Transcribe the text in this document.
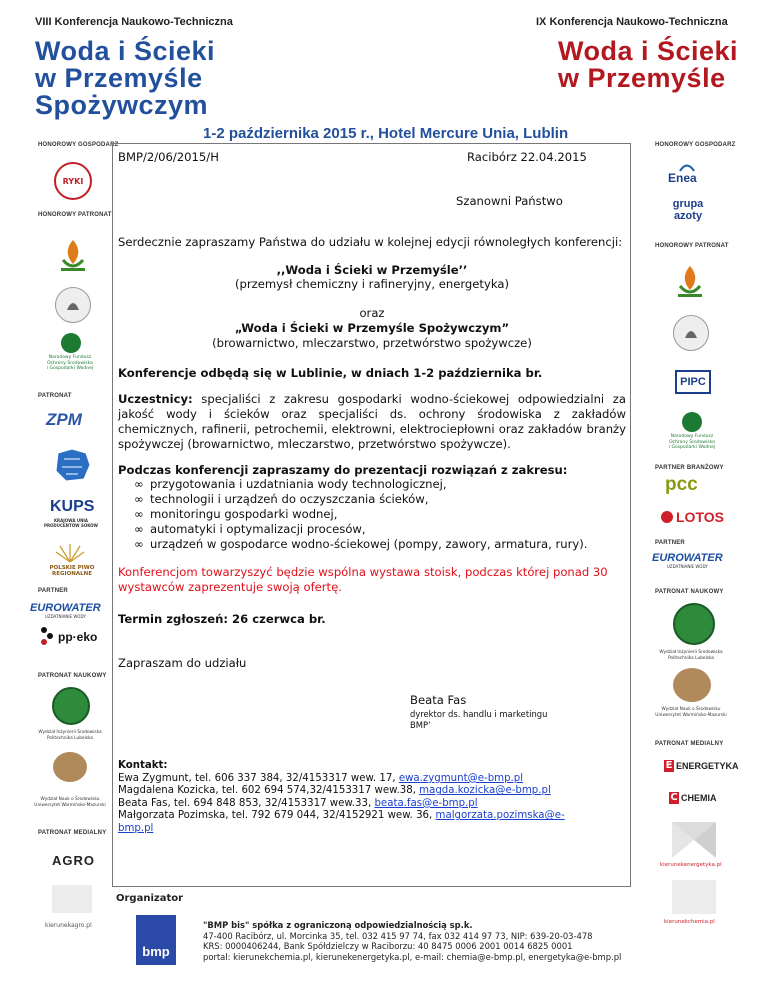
VIII Konferencja Naukowo-Techniczna
Woda i Ścieki
w Przemyśle
Spożywczym
IX Konferencja Naukowo-Techniczna
Woda i Ścieki
w Przemyśle
1-2 października 2015 r., Hotel Mercure Unia, Lublin
HONOROWY GOSPODARZ
RYKI
HONOROWY PATRONAT
Narodowy Fundusz
Ochrony Środowiska
i Gospodarki Wodnej
PATRONAT
ZPM
KUPS
KRAJOWA UNIA PRODUCENTÓW SOKÓW
POLSKIE PIWO REGIONALNE
PARTNER
EUROWATER
UZDATNIANIE WODY
pp·eko
PATRONAT NAUKOWY
Wydział Inżynierii Środowiska
Politechnika Lubelska
Wydział Nauk o Środowisku
Uniwersytet Warmińsko-Mazurski
PATRONAT MEDIALNY
AGRO
kierunekagro.pl
HONOROWY GOSPODARZ
Enea
grupa
azoty
HONOROWY PATRONAT
PIPC
Narodowy Fundusz
Ochrony Środowiska
i Gospodarki Wodnej
PARTNER BRANŻOWY
pcc
LOTOS
PARTNER
EUROWATER
UZDATNIANIE WODY
PATRONAT NAUKOWY
Wydział Inżynierii Środowiska
Politechnika Lubelska
Wydział Nauk o Środowisku
Uniwersytet Warmińsko-Mazurski
PATRONAT MEDIALNY
E ENERGETYKA
C CHEMIA
kierunekenergetyka.pl
kierunekchemia.pl
BMP/2/06/2015/H	Racibórz 22.04.2015

Szanowni Państwo

Serdecznie zapraszamy Państwa do udziału w kolejnej edycji równoległych konferencji:

,,Woda i Ścieki w Przemyśle’’

(przemysł chemiczny i rafineryjny, energetyka)

oraz

„Woda i Ścieki w Przemyśle Spożywczym”

(browarnictwo, mleczarstwo, przetwórstwo spożywcze)

Konferencje odbędą się w Lublinie, w dniach 1-2 października br.

Uczestnicy: specjaliści z zakresu gospodarki wodno-ściekowej odpowiedzialni za jakość wody i ścieków oraz specjaliści ds. ochrony środowiska z zakładów chemicznych, rafinerii, petrochemii, elektrowni, elektrociepłowni oraz zakładów branży spożywczej (browarnictwo, mleczarstwo, przetwórstwo spożywcze).

Podczas konferencji zapraszamy do prezentacji rozwiązań z zakresu:

∞ przygotowania i uzdatniania wody technologicznej,
∞ technologii i urządzeń do oczyszczania ścieków,
∞ monitoringu gospodarki wodnej,
∞ automatyki i optymalizacji procesów,
∞ urządzeń w gospodarce wodno-ściekowej (pompy, zawory, armatura, rury).

Konferencjom towarzyszyć będzie wspólna wystawa stoisk, podczas której ponad 30 wystawców zaprezentuje swoją ofertę.

Termin zgłoszeń: 26 czerwca br.

Zapraszam do udziału

Beata Fas

dyrektor ds. handlu i marketingu
BMP’
Kontakt:
Ewa Zygmunt, tel. 606 337 384, 32/4153317 wew. 17, ewa.zygmunt@e-bmp.pl
Magdalena Kozicka, tel. 602 694 574,32/4153317 wew.38, magda.kozicka@e-bmp.pl
Beata Fas, tel. 694 848 853, 32/4153317 wew.33, beata.fas@e-bmp.pl
Małgorzata Pozimska, tel. 792 679 044, 32/4152921 wew. 36, malgorzata.pozimska@e-bmp.pl
Organizator
bmp
"BMP bis" spółka z ograniczoną odpowiedzialnością sp.k.
47-400 Racibórz, ul. Morcinka 35, tel. 032 415 97 74, fax 032 414 97 73, NIP: 639-20-03-478
KRS: 0000406244, Bank Spółdzielczy w Raciborzu: 40 8475 0006 2001 0014 6825 0001
portal: kierunekchemia.pl, kierunekenergetyka.pl, e-mail: chemia@e-bmp.pl, energetyka@e-bmp.pl
